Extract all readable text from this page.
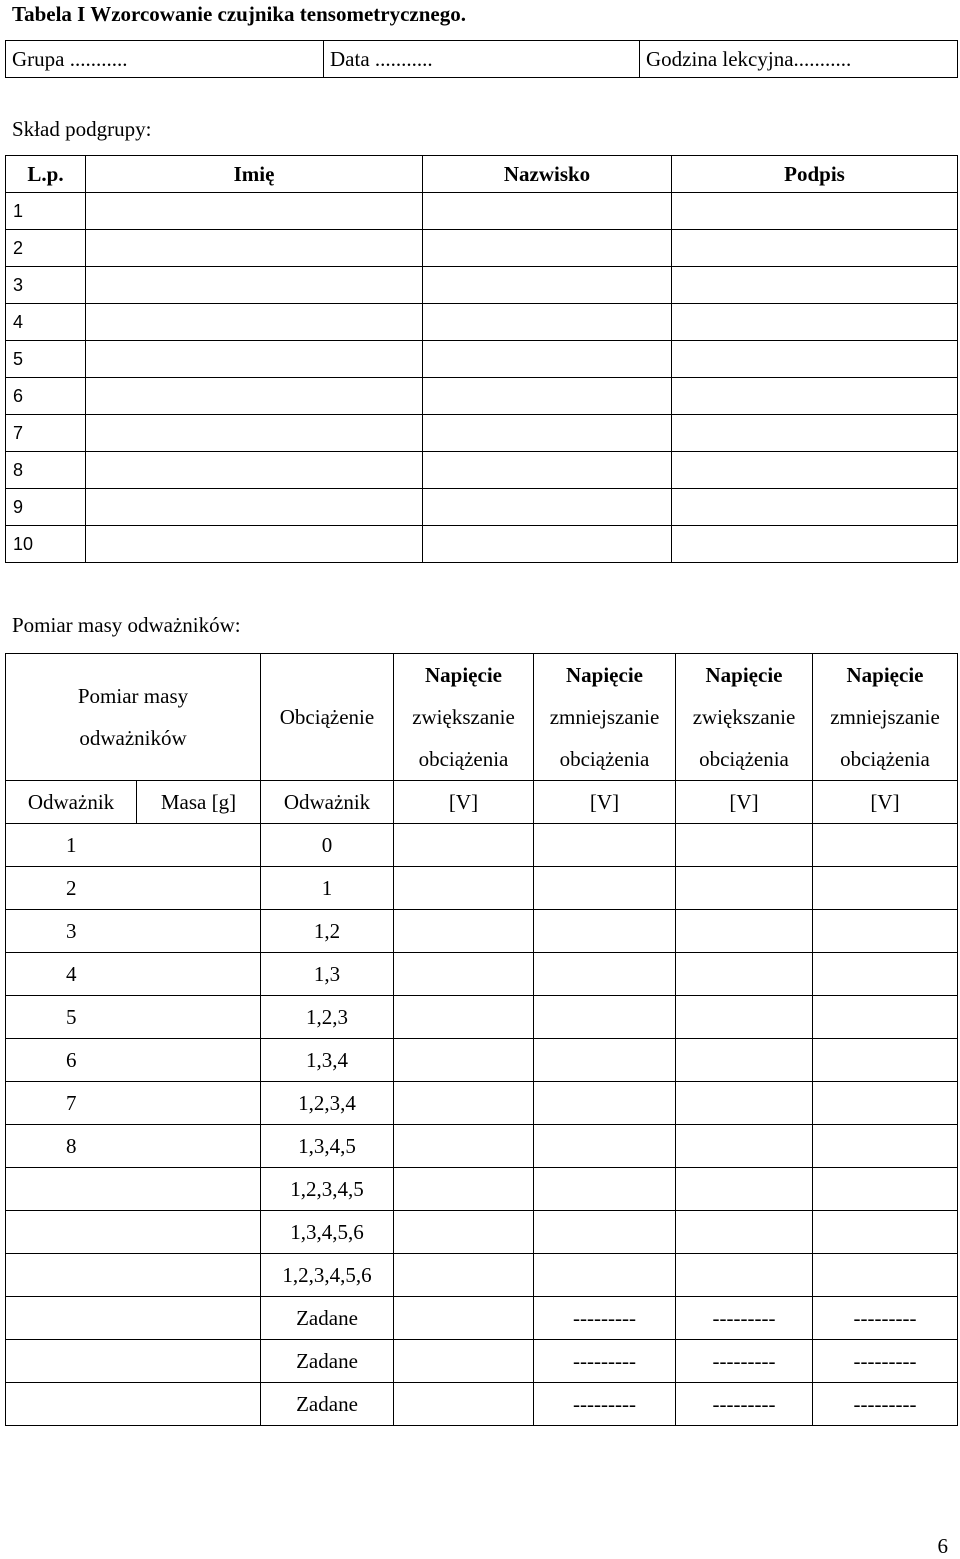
Tabela I Wzorcowanie czujnika tensometrycznego.
Grupa ...........	Data ...........	Godzina lekcyjna...........
Skład podgrupy:
L.p.	Imię	Nazwisko	Podpis
1			
2			
3			
4			
5			
6			
7			
8			
9			
10			
Pomiar masy odważników:
Pomiar masy
odważników		Obciążenie	Napięcie
zwiększanie
obciążenia	Napięcie
zmniejszanie
obciążenia	Napięcie
zwiększanie
obciążenia	Napięcie
zmniejszanie
obciążenia

Odważnik	Masa [g]	Odważnik	[V]	[V]	[V]	[V]
1		0				
2		1				
3		1,2				
4		1,3				
5		1,2,3				
6		1,3,4				
7		1,2,3,4				
8		1,3,4,5				
		1,2,3,4,5				
		1,3,4,5,6				
		1,2,3,4,5,6				
		Zadane		---------	---------	---------
		Zadane		---------	---------	---------
		Zadane		---------	---------	---------
6
